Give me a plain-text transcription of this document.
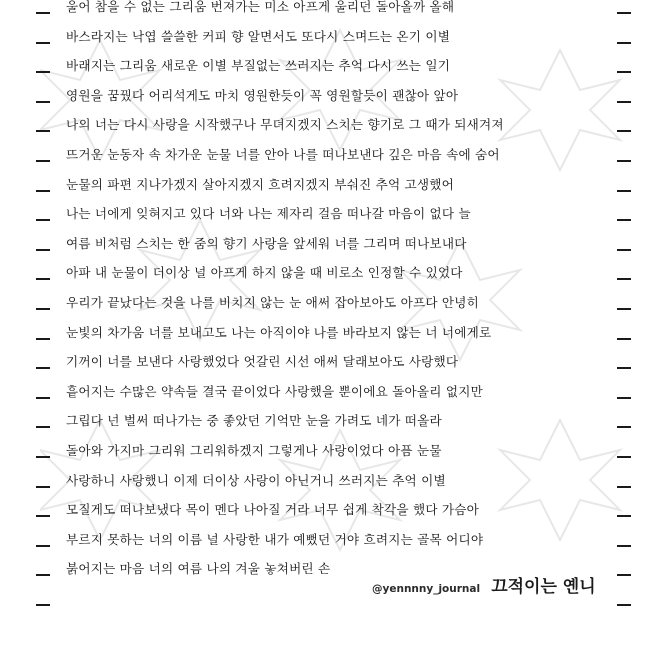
울어 참을 수 없는 그리움 번져가는 미소 아프게 울리던 돌아올까 올해
바스라지는 낙엽 쓸쓸한 커피 향 알면서도 또다시 스며드는 온기 이별
바래지는 그리움 새로운 이별 부질없는 쓰러지는 추억 다시 쓰는 일기
영원을 꿈꿨다 어리석게도 마치 영원한듯이 꼭 영원할듯이 괜찮아 앞아
나의 너는 다시 사랑을 시작했구나 무뎌지겠지 스치는 향기로 그 때가 되새겨져
뜨거운 눈동자 속 차가운 눈물 너를 안아 나를 떠나보낸다 깊은 마음 속에 숨어
눈물의 파편 지나가겠지 살아지겠지 흐려지겠지 부숴진 추억 고생했어
나는 너에게 잊혀지고 있다 너와 나는 제자리 걸음 떠나갈 마음이 없다 늘
여름 비처럼 스치는 한 줌의 향기 사랑을 앞세워 너를 그리며 떠나보내다
아파 내 눈물이 더이상 널 아프게 하지 않을 때 비로소 인정할 수 있었다
우리가 끝났다는 것을 나를 비치지 않는 눈 애써 잡아보아도 아프다 안녕히
눈빛의 차가움 너를 보내고도 나는 아직이야 나를 바라보지 않는 너 너에게로
기꺼이 너를 보낸다 사랑했었다 엇갈린 시선 애써 달래보아도 사랑했다
흩어지는 수많은 약속들 결국 끝이었다 사랑했을 뿐이에요 돌아올리 없지만
그립다 넌 벌써 떠나가는 중 좋았던 기억만 눈을 가려도 네가 떠올라
돌아와 가지마 그리워 그리워하겠지 그렇게나 사랑이었다 아픔 눈물
사랑하니 사랑했니 이제 더이상 사랑이 아닌거니 쓰러지는 추억 이별
모질게도 떠나보냈다 목이 멘다 나아질 거라 너무 쉽게 착각을 했다 가슴아
부르지 못하는 너의 이름 널 사랑한 내가 예뻤던 거야 흐려지는 골목 어디야
붉어지는 마음 너의 여름 나의 겨울 놓쳐버린 손
@yennnny_journal 끄적이는 옌니
